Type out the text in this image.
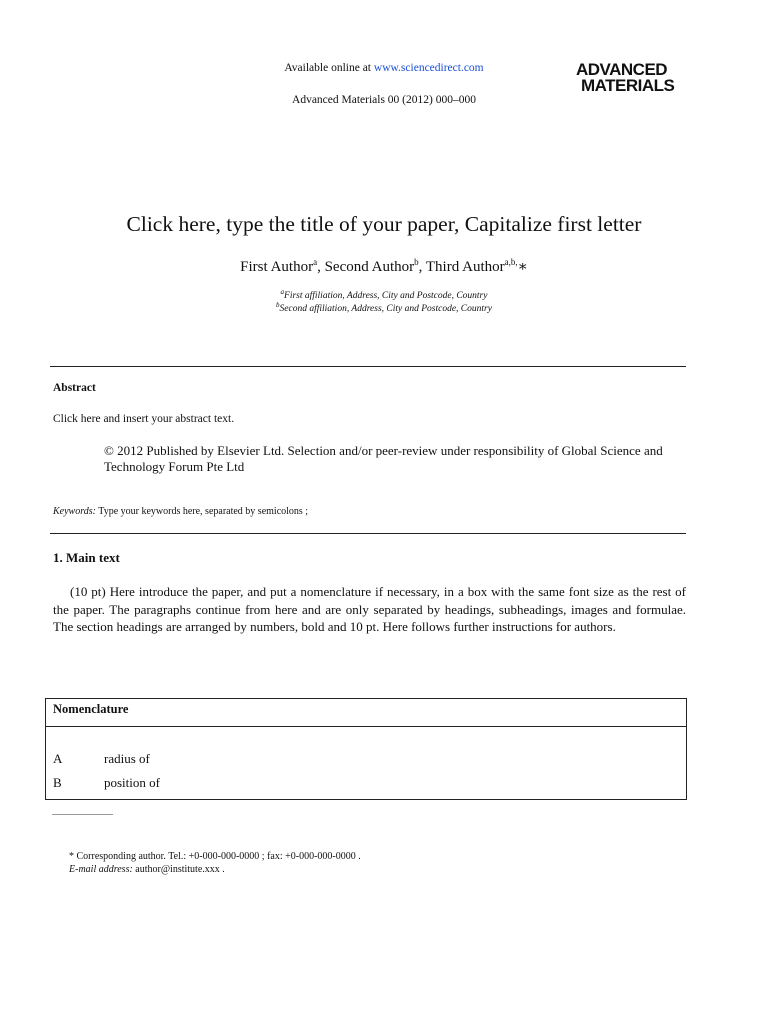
Available online at www.sciencedirect.com
Advanced Materials 00 (2012) 000–000
ADVANCED
MATERIALS
Click here, type the title of your paper, Capitalize first letter
First Author$^a$, Second Author$^b$, Third Author$^{a,b,}$∗
$^a$First affiliation, Address, City and Postcode, Country
$^b$Second affiliation, Address, City and Postcode, Country
Abstract
Click here and insert your abstract text.
© 2012 Published by Elsevier Ltd. Selection and/or peer-review under responsibility of Global Science and Technology Forum Pte Ltd
Keywords: Type your keywords here, separated by semicolons ;
1. Main text
(10 pt) Here introduce the paper, and put a nomenclature if necessary, in a box with the same font size as the rest of the paper. The paragraphs continue from here and are only separated by headings, subheadings, images and formulae. The section headings are arranged by numbers, bold and 10 pt. Here follows further instructions for authors.
Nomenclature
A	radius of
B	position of
* Corresponding author. Tel.: +0-000-000-0000 ; fax: +0-000-000-0000 .
E-mail address: author@institute.xxx .
